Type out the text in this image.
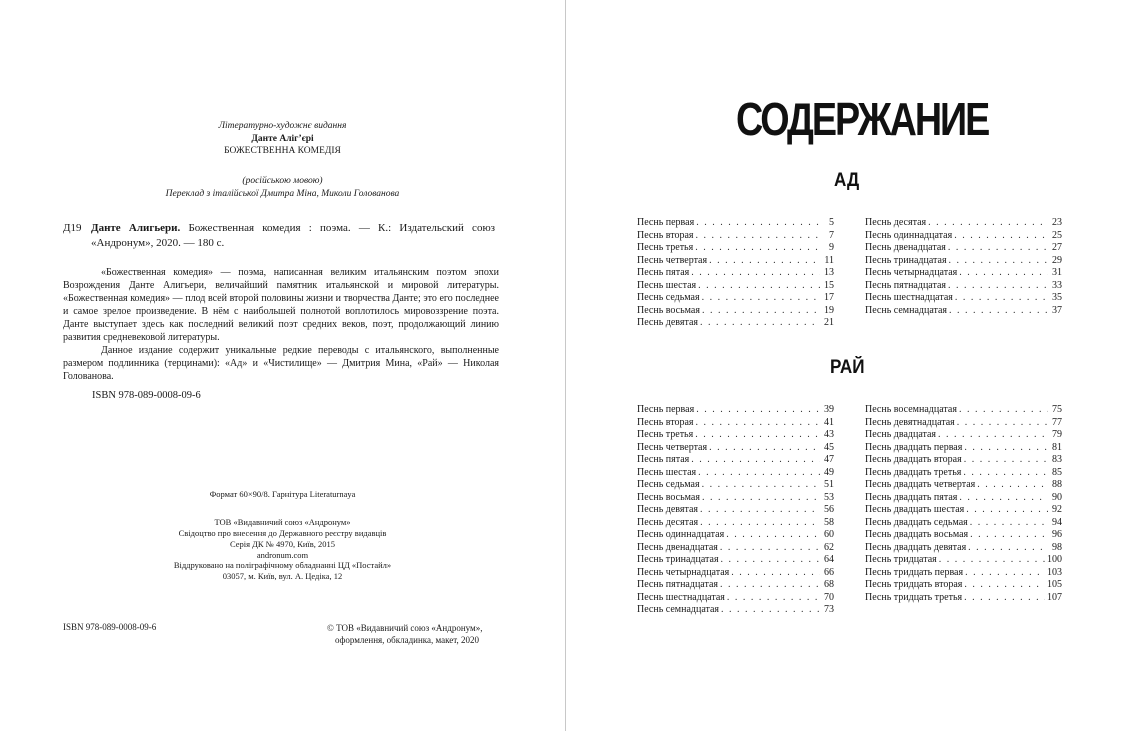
Літературно-художнє видання
Данте Аліг’єрі
БОЖЕСТВЕННА КОМЕДІЯ
(російською мовою)
Переклад з італійської Дмитра Міна, Миколи Голованова
Д19 Данте Алигьери. Божественная комедия : поэма. — К.: Издательский союз «Андронум», 2020. — 180 с.

«Божественная комедия» — поэма, написанная великим итальянским поэтом эпохи Возрождения Данте Алигьери, величайший памятник итальянской и мировой литературы. «Божественная комедия» — плод всей второй половины жизни и творчества Данте; это его последнее и самое зрелое произведение. В нём с наибольшей полнотой воплотилось мировоззрение поэта. Данте выступает здесь как последний великий поэт средних веков, поэт, продолжающий линию развития средневековой литературы.

Данное издание содержит уникальные редкие переводы с итальянского, выполненные размером подлинника (терцинами): «Ад» и «Чистилище» — Дмитрия Мина, «Рай» — Николая Голованова.

ISBN 978-089-0008-09-6
Формат 60×90/8. Гарнітура Literaturnaya
ТОВ «Видавничий союз «Андронум»
Свідоцтво про внесення до Державного реєстру видавців
Серія ДК № 4970, Київ, 2015
andronum.com
Віддруковано на поліграфічному обладнанні ЦД «Постайл»
03057, м. Київ, вул. А. Цедіка, 12
ISBN 978-089-0008-09-6	© ТОВ «Видавничий союз «Андронум»,
оформлення, обкладинка, макет, 2020
СОДЕРЖАНИЕ
АД
Песнь первая . . .	5
Песнь вторая . . .	7
Песнь третья . . .	9
Песнь четвертая . . .	11
Песнь пятая . . .	13
Песнь шестая . . .	15
Песнь седьмая . . .	17
Песнь восьмая . . .	19
Песнь девятая . . .	21
Песнь десятая . . .	23
Песнь одиннадцатая . . .	25
Песнь двенадцатая . . .	27
Песнь тринадцатая . . .	29
Песнь четырнадцатая . . .	31
Песнь пятнадцатая . . .	33
Песнь шестнадцатая . . .	35
Песнь семнадцатая . . .	37
РАЙ
Песнь первая . . .	39
Песнь вторая . . .	41
Песнь третья . . .	43
Песнь четвертая . . .	45
Песнь пятая . . .	47
Песнь шестая . . .	49
Песнь седьмая . . .	51
Песнь восьмая . . .	53
Песнь девятая . . .	56
Песнь десятая . . .	58
Песнь одиннадцатая . . .	60
Песнь двенадцатая . . .	62
Песнь тринадцатая . . .	64
Песнь четырнадцатая . . .	66
Песнь пятнадцатая . . .	68
Песнь шестнадцатая . . .	70
Песнь семнадцатая . . .	73
Песнь восемнадцатая . . .	75
Песнь девятнадцатая . . .	77
Песнь двадцатая . . .	79
Песнь двадцать первая . . .	81
Песнь двадцать вторая . . .	83
Песнь двадцать третья . . .	85
Песнь двадцать четвертая . . .	88
Песнь двадцать пятая . . .	90
Песнь двадцать шестая . . .	92
Песнь двадцать седьмая . . .	94
Песнь двадцать восьмая . . .	96
Песнь двадцать девятая . . .	98
Песнь тридцатая . . .	100
Песнь тридцать первая . . .	103
Песнь тридцать вторая . . .	105
Песнь тридцать третья . . .	107
